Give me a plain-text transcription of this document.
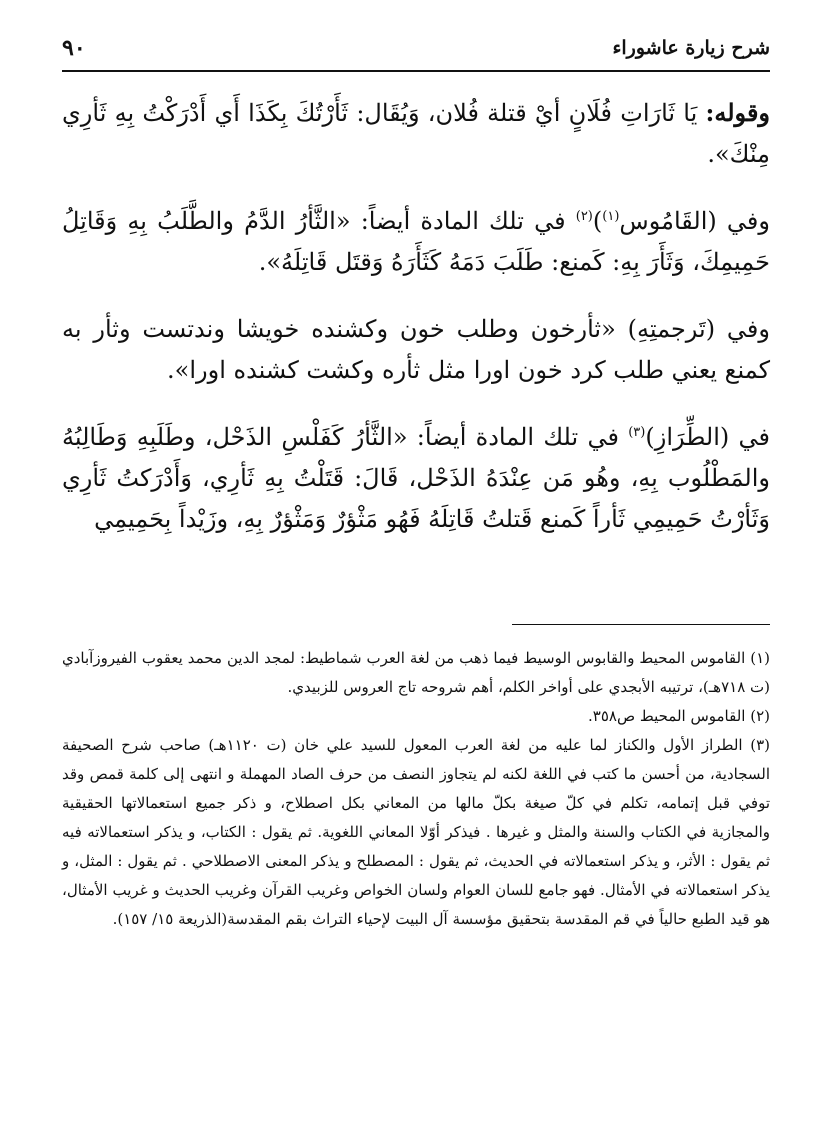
شرح زيارة عاشوراء
٩٠

وقوله: يَا ثَارَاتِ فُلَانٍ أيْ قتلة فُلان، وَيُقَال: ثَأَرْتُكَ بِكَذَا أَي أَدْرَكْتُ بِهِ ثَأرِي مِنْكَ».

وفي (القَامُوس$^{(١)}$)$^{(٢)}$ في تلك المادة أيضاً: «الثَّأرُ الدَّمُ والطَّلَبُ بِهِ وَقَاتِلُ حَمِيمِكَ، وَثَأَرَ بِهِ: كَمنع: طَلَبَ دَمَهُ كَثَأَرَهُ وَقتَل قَاتِلَهُ».

وفي (تَرجمتِهِ) «ثأرخون وطلب خون وكشنده خويشا وندتست وثأر به كمنع يعني طلب كرد خون اورا مثل ثأره وكشت كشنده اورا».

في (الطِّرَازِ)$^{(٣)}$ في تلك المادة أيضاً: «الثَّأرُ كَفَلْسِ الذَحْل، وطَلَبِهِ وَطَالِبُهُ والمَطْلُوب بِهِ، وهُو مَن عِنْدَهُ الذَحْل، قَالَ: قَتَلْتُ بِهِ ثَأرِي، وَأَدْرَكتُ ثَأرِي وَثَأرْتُ حَمِيمِي ثَأراً كَمنع قَتلتُ قَاتِلَهُ فَهُو مَثْؤرٌ وَمَثْؤرٌ بِهِ، وزَيْداً بِحَمِيمِي

(١) القاموس المحيط والقابوس الوسيط فيما ذهب من لغة العرب شماطيط: لمجد الدين محمد يعقوب الفيروزآبادي (ت ٧١٨هـ)، ترتيبه الأبجدي على أواخر الكلم، أهم شروحه تاج العروس للزبيدي.

(٢) القاموس المحيط ص٣٥٨.

(٣) الطراز الأول والكناز لما عليه من لغة العرب المعول للسيد علي خان (ت ١١٢٠هـ) صاحب شرح الصحيفة السجادية، من أحسن ما كتب في اللغة لكنه لم يتجاوز النصف من حرف الصاد المهملة و انتهى إلى كلمة قمص وقد توفي قبل إتمامه، تكلم في كلّ صيغة بكلّ مالها من المعاني بكل اصطلاح، و ذكر جميع استعمالاتها الحقيقية والمجازية في الكتاب والسنة والمثل و غيرها . فيذكر أوّلا المعاني اللغوية. ثم يقول : الكتاب، و يذكر استعمالاته فيه ثم يقول : الأثر، و يذكر استعمالاته في الحديث، ثم يقول : المصطلح و يذكر المعنى الاصطلاحي . ثم يقول : المثل، و يذكر استعمالاته في الأمثال. فهو جامع للسان العوام ولسان الخواص وغريب القرآن وغريب الحديث و غريب الأمثال، هو قيد الطبع حالياً في قم المقدسة بتحقيق مؤسسة آل البيت لإحياء التراث بقم المقدسة(الذريعة ١٥/ ١٥٧).
